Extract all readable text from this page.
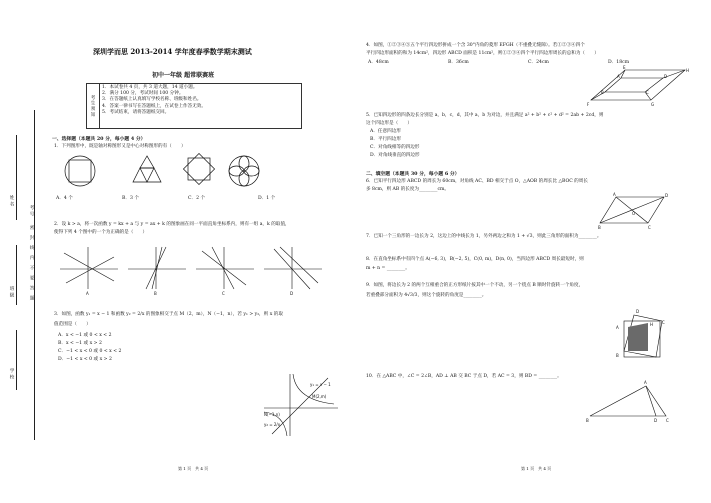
学校
班级
姓名
考号
密 封 线 内 不 要 答 题
深圳学而思 2013-2014 学年度春季数学期末测试
初中一年级 超常联赛班
考生须知

1．本试卷共 4 页，共 3 道大题，14 道小题。
2．满分 100 分，考试时间 100 分钟。
3．在答题纸上认真填写学校名称、班级和姓名。
4．答案一律书写在答题纸上，在试卷上作答无效。
5．考试结束，请将答题纸交回。
一、选择题（本题共 20 分，每小题 4 分）
1．下列图形中，既是轴对称图形又是中心对称图形的有（　　）
A．4 个	B．3 个	C．2 个	D．1 个
2．设 k > a，将一次函数 y = kx + a 与 y = ax + k 的图象画在同一平面直角坐标系内，则有一组 a，k 的取值，
使得下列 4 个图中的一个为正确的是（　　）
A	B	C	D
3．如图，函数 y₁ = x − 1 和函数 y₂ = 2/x 的图象相交于点 M（2，m），N（−1，n），若 y₁ > y₂，则 x 的取
值范围是（　　）
A．x < −1 或 0 < x < 2
B．x < −1 或 x > 2
C．−1 < x < 0 或 0 < x < 2
D．−1 < x < 0 或 x > 2
y₁ = x − 1
y₂ = 2/x
M(2,m)
N(−1,n)
4．如图，①②③④⑤五个平行四边形拼成一个含 30°内角的菱形 EFGH（不重叠无缝隙）。若①②③④四个
平行四边形面积的和为 14cm²，四边形 ABCD 面积是 11cm²，则①②③④四个平行四边形周长的总和为（　　）
A．48cm	B．36cm	C．24cm	D．18cm
E
H
A	D
B	C
F	G
5．已知四边形的四条边长分别是 a，b，c，d，其中 a，b 为对边，并且满足 a² + b² + c² + d² = 2ab + 2cd，则
这个四边形是（　　）
A．任意四边形
B．平行四边形
C．对角线相等的四边形
D．对角线垂直的四边形
二、填空题（本题共 30 分，每小题 6 分）
6．已知平行四边形 ABCD 的周长为 60cm，对角线 AC、BD 相交于点 O，△AOB 的周长比 △BOC 的周长
多 8cm，则 AB 的长度为________cm。
A	D
O
B	C
7．已知一个三角形的一边长为 2，这边上的中线长为 1，另外两边之和为 1 + √3，则此三角形的面积为________。
8．在直角坐标系中有四个点 A(−6, 3)，B(−2, 5)，C(0, m)，D(n, 0)，当四边形 ABCD 周长最短时，则
m + n = ________。
9．如图，将边长为 2 的两个互相重合的正方形纸片按其中一个不动，另一个绕点 B 顺时针旋转一个角度，
若重叠部分面积为 4√3/3，则这个旋转的角度是________。
D
A
H C
B
10．在 △ABC 中，∠C = 2∠B，AD ⊥ AB 交 BC 于点 D，若 AC = 3，则 BD = ________。
A
B	D C
第 1 页　共 4 页	第 1 页　共 4 页
